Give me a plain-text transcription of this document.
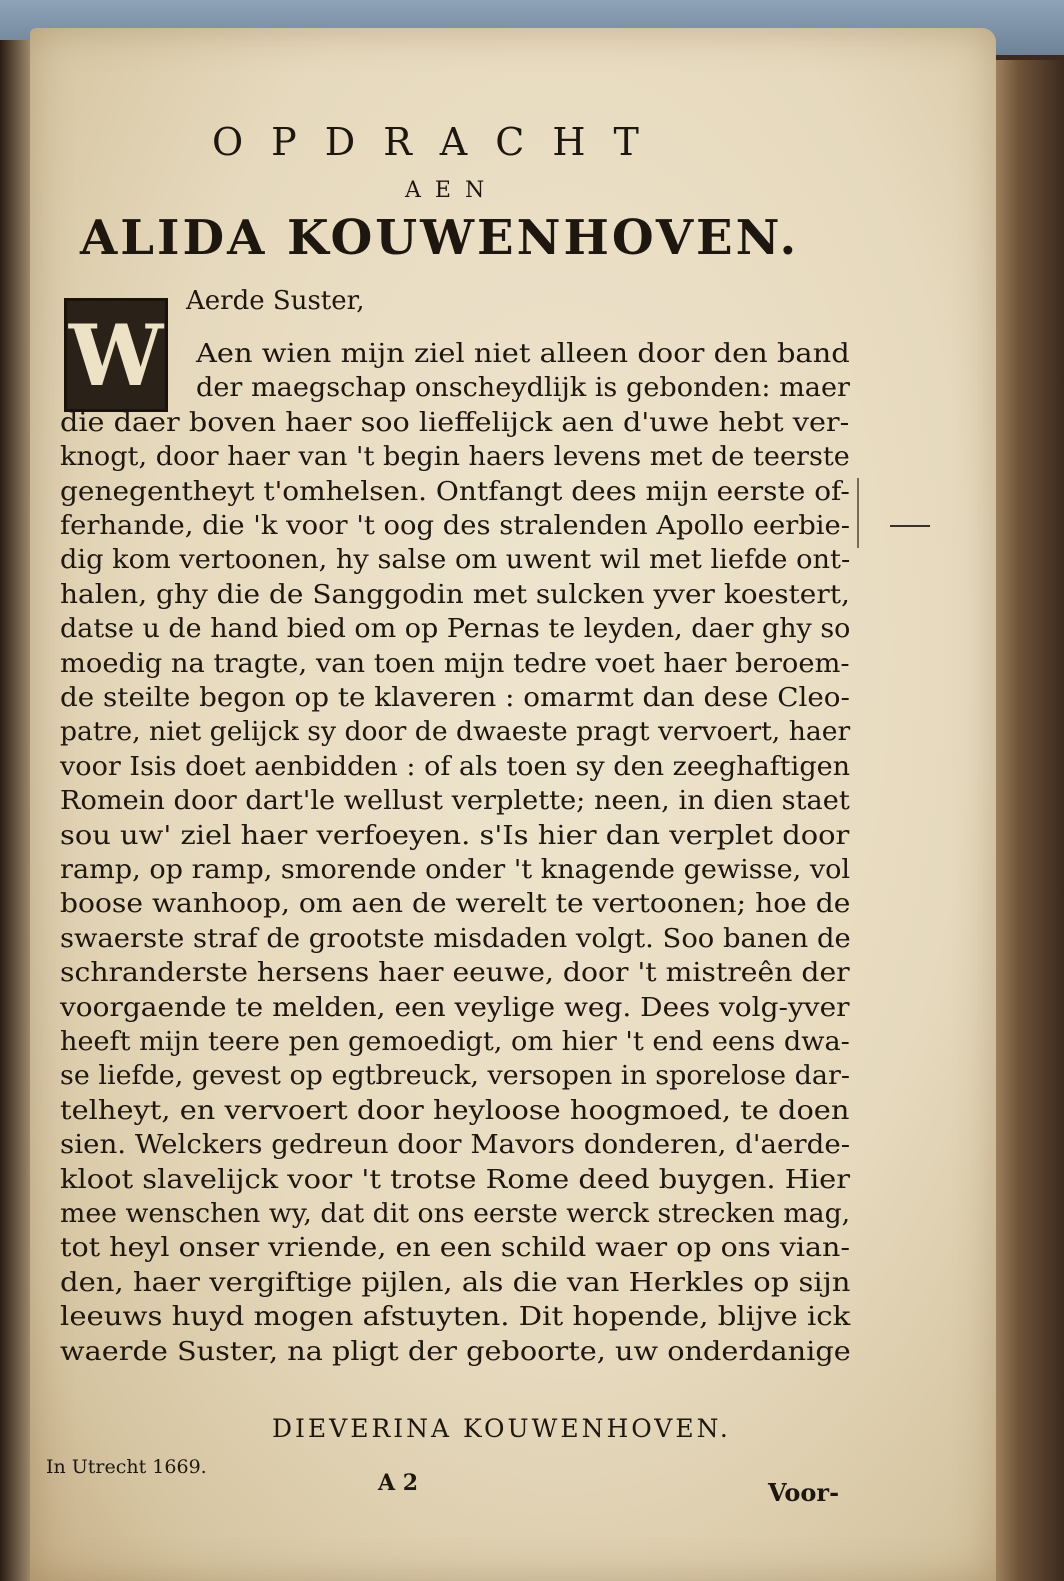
OPDRACHT
AEN
ALIDA KOUWENHOVEN.
W
Aerde Suster,
Aen wien mijn ziel niet alleen door den band
der maegschap onscheydlijk is gebonden: maer
die daer boven haer soo lieffelijck aen d'uwe hebt ver-
knogt, door haer van 't begin haers levens met de teerste
genegentheyt t'omhelsen. Ontfangt dees mijn eerste of-
ferhande, die 'k voor 't oog des stralenden Apollo eerbie-
dig kom vertoonen, hy salse om uwent wil met liefde ont-
halen, ghy die de Sanggodin met sulcken yver koestert,
datse u de hand bied om op Pernas te leyden, daer ghy so
moedig na tragte, van toen mijn tedre voet haer beroem-
de steilte begon op te klaveren : omarmt dan dese Cleo-
patre, niet gelijck sy door de dwaeste pragt vervoert, haer
voor Isis doet aenbidden : of als toen sy den zeeghaftigen
Romein door dart'le wellust verplette; neen, in dien staet
sou uw' ziel haer verfoeyen. s'Is hier dan verplet door
ramp, op ramp, smorende onder 't knagende gewisse, vol
boose wanhoop, om aen de werelt te vertoonen; hoe de
swaerste straf de grootste misdaden volgt. Soo banen de
schranderste hersens haer eeuwe, door 't mistreên der
voorgaende te melden, een veylige weg. Dees volg-yver
heeft mijn teere pen gemoedigt, om hier 't end eens dwa-
se liefde, gevest op egtbreuck, versopen in sporelose dar-
telheyt, en vervoert door heyloose hoogmoed, te doen
sien. Welckers gedreun door Mavors donderen, d'aerde-
kloot slavelijck voor 't trotse Rome deed buygen. Hier
mee wenschen wy, dat dit ons eerste werck strecken mag,
tot heyl onser vriende, en een schild waer op ons vian-
den, haer vergiftige pijlen, als die van Herkles op sijn
leeuws huyd mogen afstuyten. Dit hopende, blijve ick
waerde Suster, na pligt der geboorte, uw onderdanige
DIEVERINA KOUWENHOVEN.
In Utrecht 1669.
A 2	Voor-
